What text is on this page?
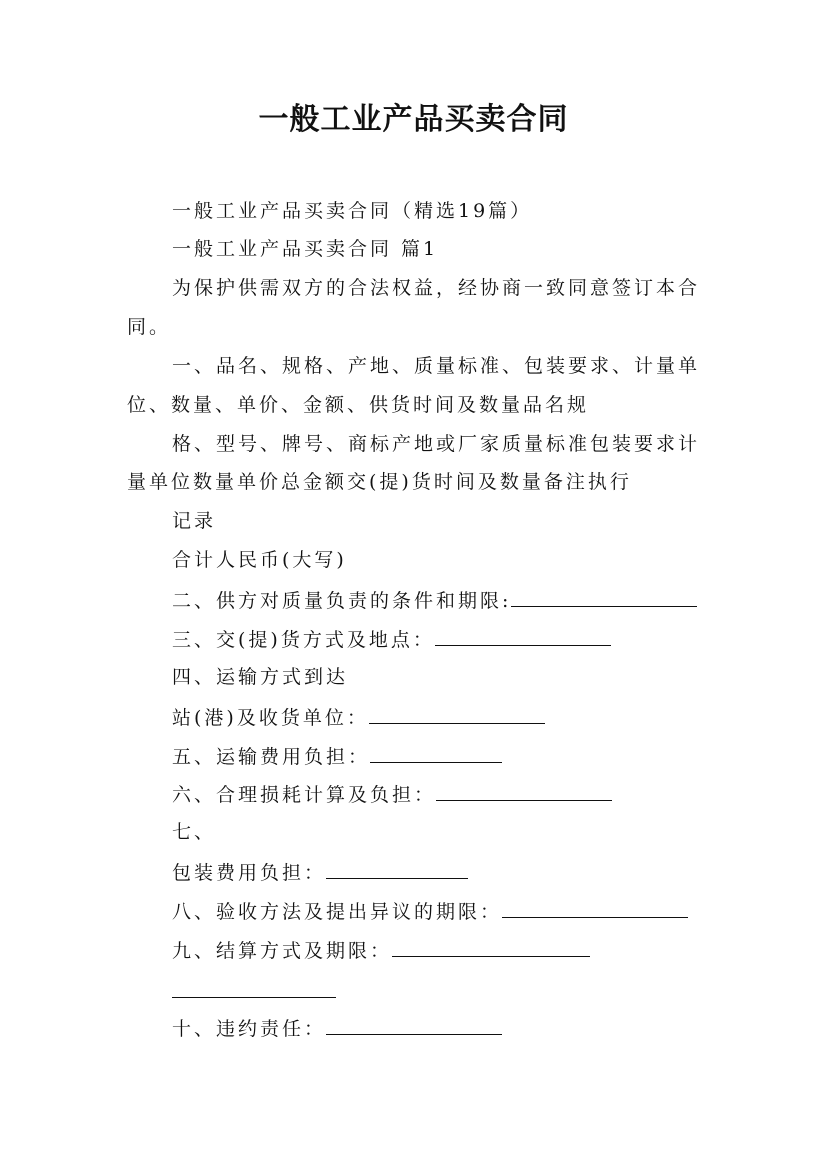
一般工业产品买卖合同
一般工业产品买卖合同（精选19篇）
一般工业产品买卖合同 篇1
为保护供需双方的合法权益，经协商一致同意签订本合
同。
一、品名、规格、产地、质量标准、包装要求、计量单
位、数量、单价、金额、供货时间及数量品名规
格、型号、牌号、商标产地或厂家质量标准包装要求计
量单位数量单价总金额交(提)货时间及数量备注执行
记录
合计人民币(大写)
二、供方对质量负责的条件和期限:
三、交(提)货方式及地点：
四、运输方式到达
站(港)及收货单位：
五、运输费用负担：
六、合理损耗计算及负担：
七、
包装费用负担：
八、验收方法及提出异议的期限：
九、结算方式及期限：
十、违约责任：
